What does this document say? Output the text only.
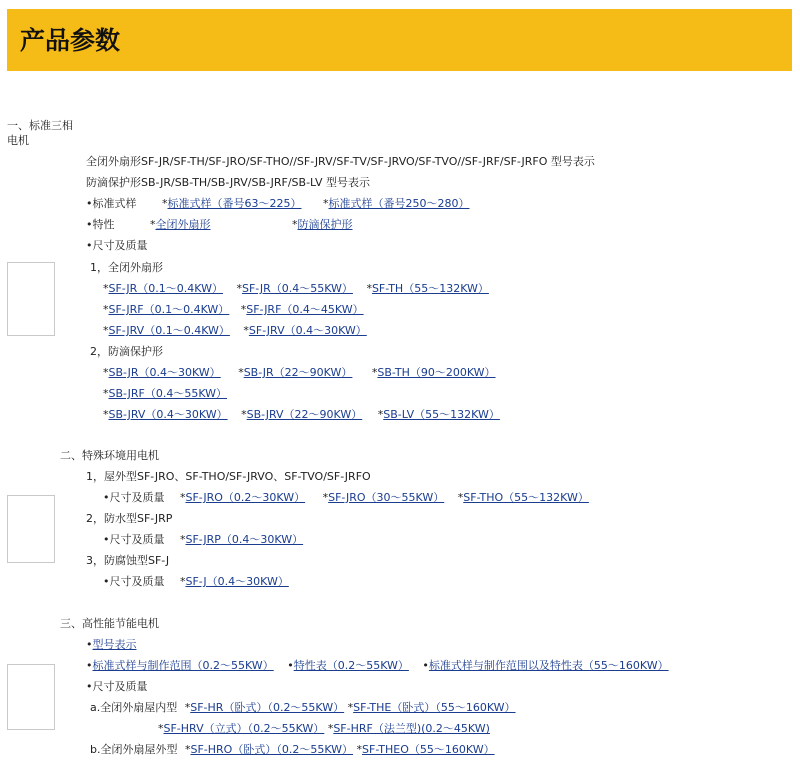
产品参数
一、标准三相
电机
全闭外扇形SF-JR/SF-TH/SF-JRO/SF-THO//SF-JRV/SF-TV/SF-JRVO/SF-TVO//SF-JRF/SF-JRFO 型号表示
防滴保护形SB-JR/SB-TH/SB-JRV/SB-JRF/SB-LV 型号表示
•标准式样 *标准式样（番号63～225） *标准式样（番号250～280）
•特性	*全闭外扇形	*防滴保护形
•尺寸及质量
1，全闭外扇形
*SF-JR（0.1～0.4KW） *SF-JR（0.4～55KW） *SF-TH（55～132KW）
*SF-JRF（0.1～0.4KW） *SF-JRF（0.4～45KW）
*SF-JRV（0.1～0.4KW） *SF-JRV（0.4～30KW）
2，防滴保护形
*SB-JR（0.4～30KW） *SB-JR（22～90KW） *SB-TH（90～200KW）
*SB-JRF（0.4～55KW）
*SB-JRV（0.4～30KW） *SB-JRV（22～90KW） *SB-LV（55～132KW）
二、特殊环境用电机
1，屋外型SF-JRO、SF-THO/SF-JRVO、SF-TVO/SF-JRFO
•尺寸及质量 *SF-JRO（0.2～30KW） *SF-JRO（30～55KW） *SF-THO（55～132KW）
2，防水型SF-JRP
•尺寸及质量 *SF-JRP（0.4～30KW）
3，防腐蚀型SF-J
•尺寸及质量 *SF-J（0.4～30KW）
三、高性能节能电机
•型号表示
•标准式样与制作范围（0.2～55KW） •特性表（0.2～55KW） •标准式样与制作范围以及特性表（55～160KW）
•尺寸及质量
a.全闭外扇屋内型 *SF-HR（卧式）（0.2～55KW） *SF-THE（卧式）（55～160KW）
*SF-HRV（立式）（0.2～55KW） *SF-HRF（法兰型)(0.2～45KW)
b.全闭外扇屋外型 *SF-HRO（卧式）（0.2～55KW） *SF-THEO（55～160KW）
